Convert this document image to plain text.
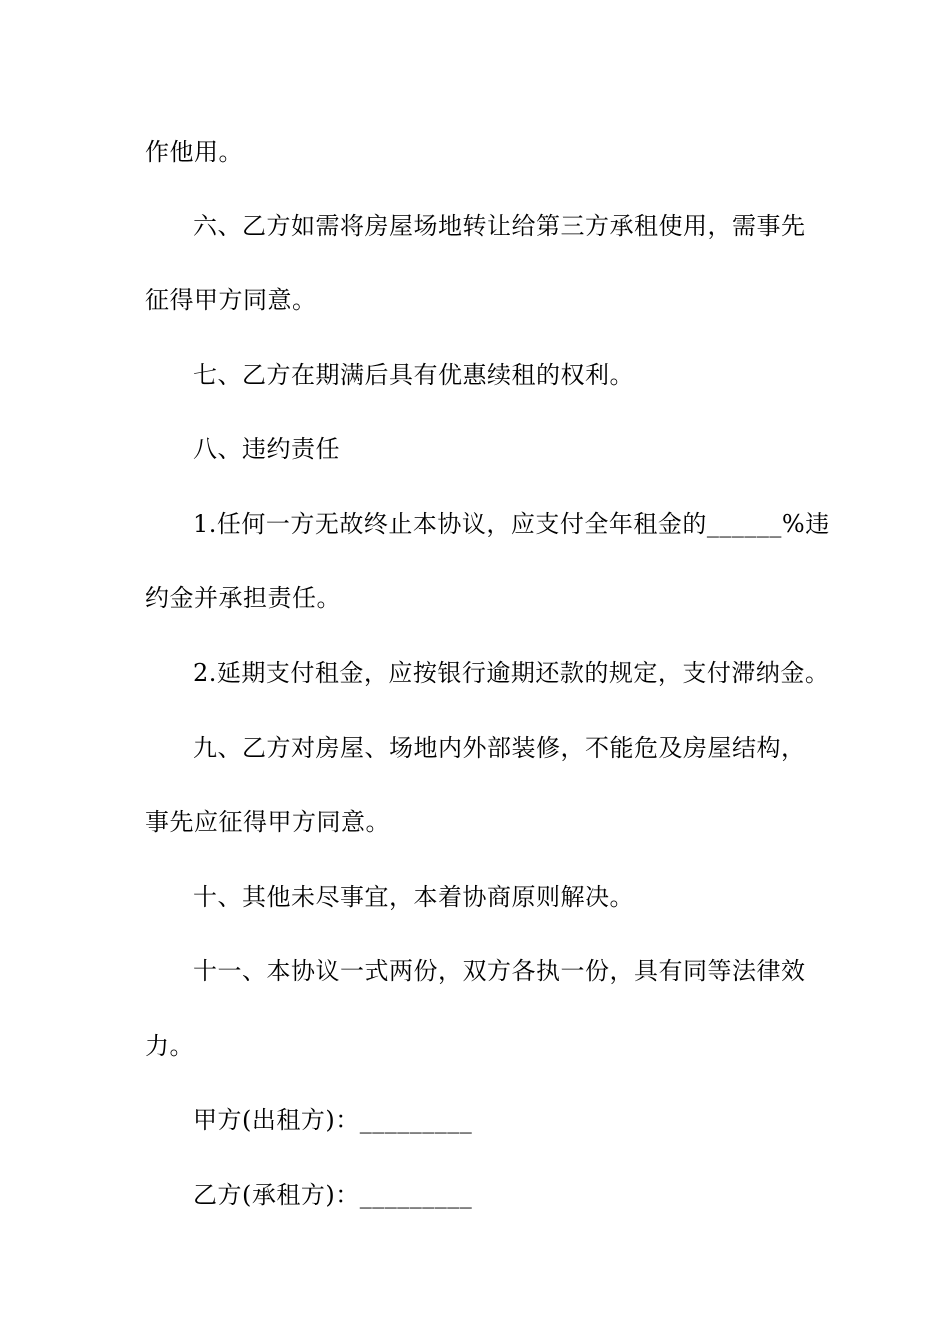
作他用。
六、乙方如需将房屋场地转让给第三方承租使用，需事先
征得甲方同意。
七、乙方在期满后具有优惠续租的权利。
八、违约责任
1.任何一方无故终止本协议，应支付全年租金的______%违
约金并承担责任。
2.延期支付租金，应按银行逾期还款的规定，支付滞纳金。
九、乙方对房屋、场地内外部装修，不能危及房屋结构，
事先应征得甲方同意。
十、其他未尽事宜，本着协商原则解决。
十一、本协议一式两份，双方各执一份，具有同等法律效
力。
甲方(出租方)：_________
乙方(承租方)：_________
